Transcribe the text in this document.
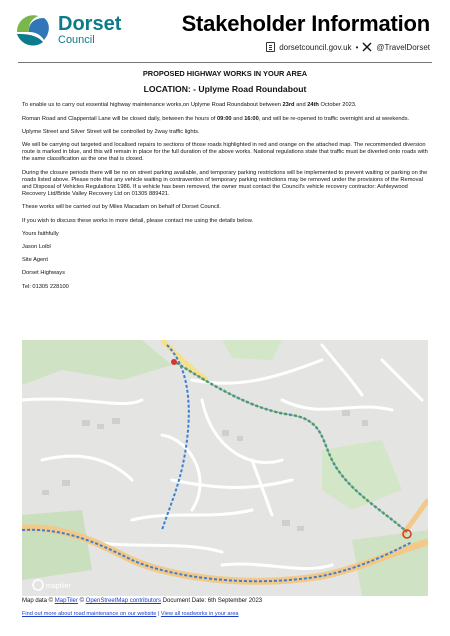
Dorset
Council
Stakeholder Information
dorsetcouncil.gov.uk • @TravelDorset
PROPOSED HIGHWAY WORKS IN YOUR AREA
LOCATION: - Uplyme Road Roundabout
To enable us to carry out essential highway maintenance works,on Uplyme Road Roundabout between 23rd and 24th October 2023.
Roman Road and Clappentail Lane will be closed daily, between the hours of 09:00 and 16:00, and will be re-opened to traffic overnight and at weekends.
Uplyme Street and Silver Street will be controlled by 2way traffic lights.
We will be carrying out targeted and localised repairs to sections of those roads highlighted in red and orange on the attached map. The recommended diversion route is marked in blue, and this will remain in place for the full duration of the above works. National regulations state that traffic must be diverted onto roads with the same classification as the one that is closed.
During the closure periods there will be no on street parking available, and temporary parking restrictions will be implemented to prevent waiting or parking on the roads listed above. Please note that any vehicle waiting in contravention of temporary parking restrictions may be removed under the provisions of the Removal and Disposal of Vehicles Regulations 1986. If a vehicle has been removed, the owner must contact the Council's vehicle recovery contractor: Ashleywood Recovery Ltd/Bride Valley Recovery Ltd on 01305 889421.
These works will be carried out by Miles Macadam on behalf of Dorset Council.
If you wish to discuss these works in more detail, please contact me using the details below.
Yours faithfully
Jason Loibl
Site Agent
Dorset Highways
Tel: 01305 228100
maptiler
Map data © MapTiler © OpenStreetMap contributors Document Date: 6th September 2023
Find out more about road maintenance on our website | View all roadworks in your area
